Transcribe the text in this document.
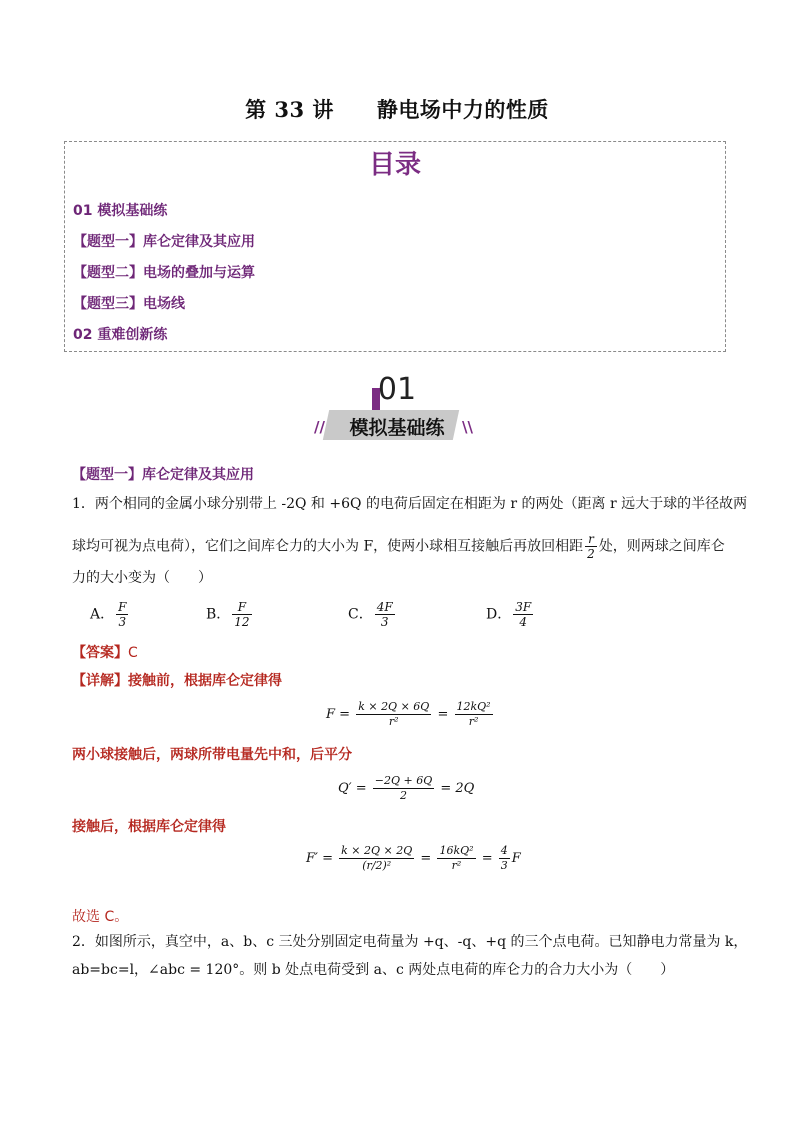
第 33 讲　　静电场中力的性质
目录
01 模拟基础练
【题型一】库仑定律及其应用
【题型二】电场的叠加与运算
【题型三】电场线
02 重难创新练
01
//	\\
模拟基础练
【题型一】库仑定律及其应用
1．两个相同的金属小球分别带上 -2Q 和 +6Q 的电荷后固定在相距为 r 的两处（距离 r 远大于球的半径故两
球均可视为点电荷），它们之间库仑力的大小为 F，使两小球相互接触后再放回相距 $\frac{r}{2}$ 处，则两球之间库仑
力的大小变为（　　）
A． $\frac{F}{3}$	B． $\frac{F}{12}$	C． $\frac{4F}{3}$	D． $\frac{3F}{4}$
【答案】C
【详解】接触前，根据库仑定律得
$F = \frac{k \times 2Q \times 6Q}{\text{r²}} = \frac{\text{12kQ²}}{\text{r²}}$
两小球接触后，两球所带电量先中和，后平分
$Q' = \frac{-2Q + 6Q}{2} = 2Q$
接触后，根据库仑定律得
$F' = \frac{k \times 2Q \times 2Q}{\text{(r/2)²}} = \frac{\text{16kQ²}}{\text{r²}} = \frac{4}{3}$ F
故选 C。
2．如图所示，真空中，a、b、c 三处分别固定电荷量为 +q、-q、+q 的三个点电荷。已知静电力常量为 k，
ab=bc=l，∠abc = 120°。则 b 处点电荷受到 a、c 两处点电荷的库仑力的合力大小为（　　）
